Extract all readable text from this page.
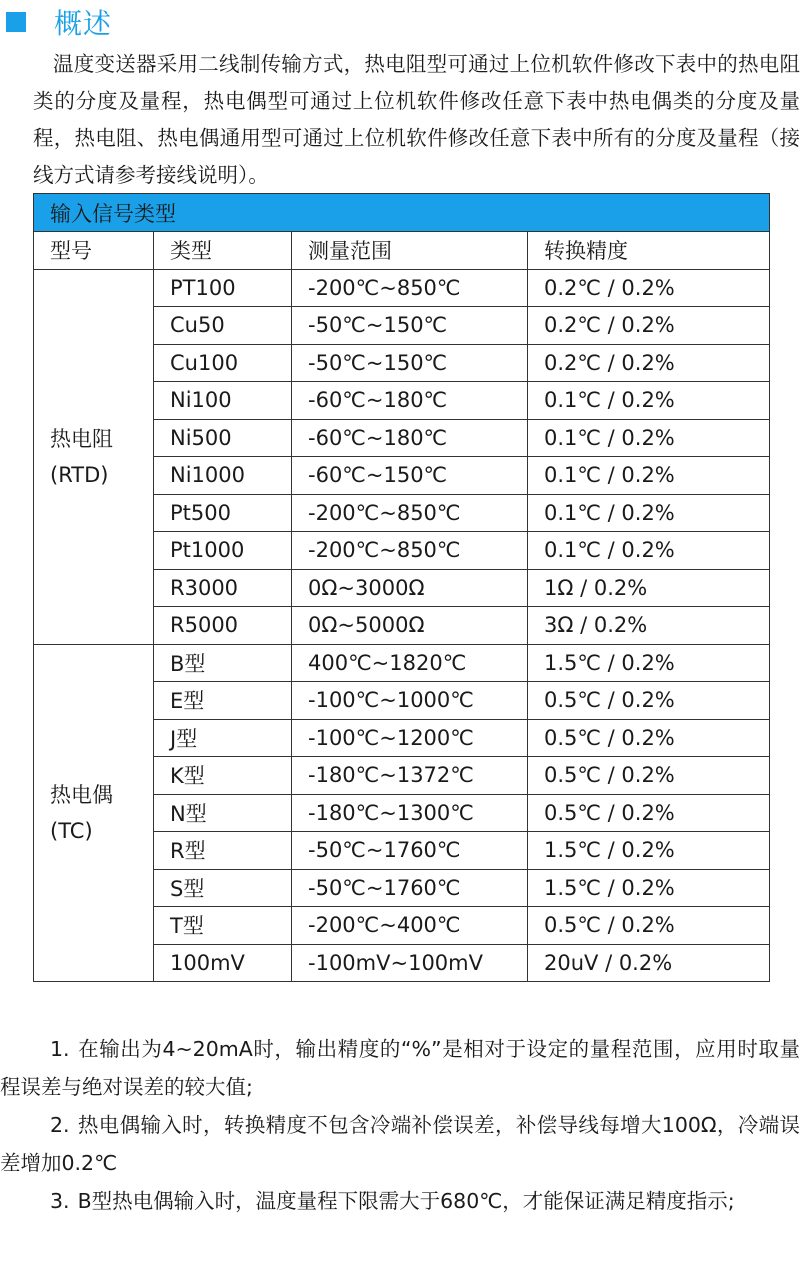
概述
温度变送器采用二线制传输方式，热电阻型可通过上位机软件修改下表中的热电阻类的分度及量程，热电偶型可通过上位机软件修改任意下表中热电偶类的分度及量程，热电阻、热电偶通用型可通过上位机软件修改任意下表中所有的分度及量程（接线方式请参考接线说明）。
输入信号类型			
型号	类型	测量范围	转换精度

热电阻
(RTD)	PT100	-200℃~850℃	0.2℃ / 0.2%
	Cu50	-50℃~150℃	0.2℃ / 0.2%
	Cu100	-50℃~150℃	0.2℃ / 0.2%
	Ni100	-60℃~180℃	0.1℃ / 0.2%
	Ni500	-60℃~180℃	0.1℃ / 0.2%
	Ni1000	-60℃~150℃	0.1℃ / 0.2%
	Pt500	-200℃~850℃	0.1℃ / 0.2%
	Pt1000	-200℃~850℃	0.1℃ / 0.2%
	R3000	0Ω~3000Ω	1Ω / 0.2%
	R5000	0Ω~5000Ω	3Ω / 0.2%

热电偶
(TC)	B型	400℃~1820℃	1.5℃ / 0.2%
	E型	-100℃~1000℃	0.5℃ / 0.2%
	J型	-100℃~1200℃	0.5℃ / 0.2%
	K型	-180℃~1372℃	0.5℃ / 0.2%
	N型	-180℃~1300℃	0.5℃ / 0.2%
	R型	-50℃~1760℃	1.5℃ / 0.2%
	S型	-50℃~1760℃	1.5℃ / 0.2%
	T型	-200℃~400℃	0.5℃ / 0.2%
	100mV	-100mV~100mV	20uV / 0.2%
1. 在输出为4~20mA时，输出精度的“%”是相对于设定的量程范围，应用时取量程误差与绝对误差的较大值;
2. 热电偶输入时，转换精度不包含冷端补偿误差，补偿导线每增大100Ω，冷端误差增加0.2℃
3. B型热电偶输入时，温度量程下限需大于680℃，才能保证满足精度指示;
